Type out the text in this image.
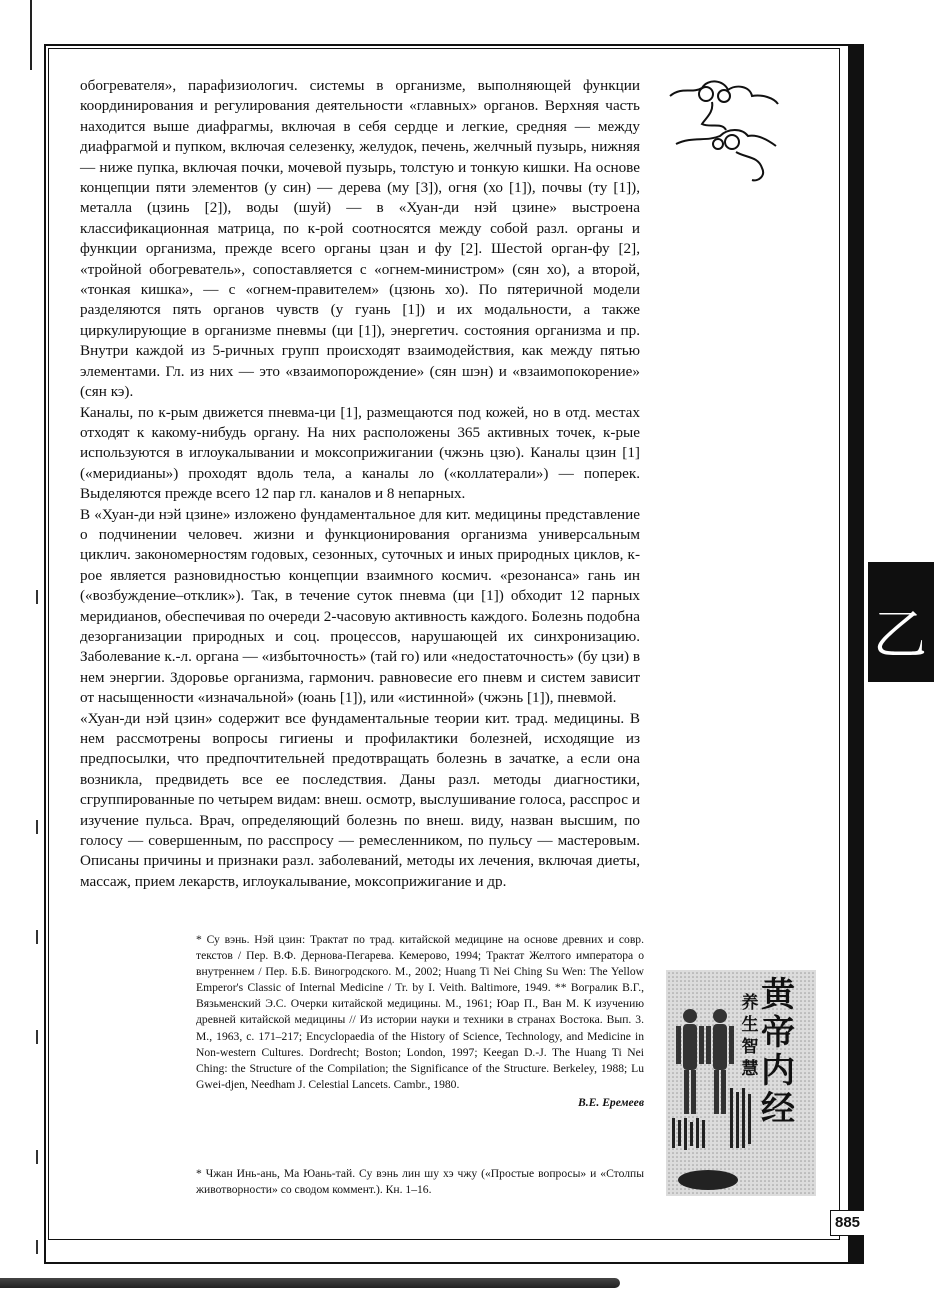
обогревателя», парафизиологич. системы в организме, выполняющей функции координирования и регулирования деятельности «главных» органов. Верхняя часть находится выше диафрагмы, включая в себя сердце и легкие, средняя — между диафрагмой и пупком, включая селезенку, желудок, печень, желчный пузырь, нижняя — ниже пупка, включая почки, мочевой пузырь, толстую и тонкую кишки. На основе концепции пяти элементов (у син) — дерева (му [3]), огня (хо [1]), почвы (ту [1]), металла (цзинь [2]), воды (шуй) — в «Хуан-ди нэй цзине» выстроена классификационная матрица, по к-рой соотносятся между собой разл. органы и функции организма, прежде всего органы цзан и фу [2]. Шестой орган-фу [2], «тройной обогреватель», сопоставляется с «огнем-министром» (сян хо), а второй, «тонкая кишка», — с «огнем-правителем» (цзюнь хо). По пятеричной модели разделяются пять органов чувств (у гуань [1]) и их модальности, а также циркулирующие в организме пневмы (ци [1]), энергетич. состояния организма и пр. Внутри каждой из 5-ричных групп происходят взаимодействия, как между пятью элементами. Гл. из них — это «взаимопорождение» (сян шэн) и «взаимопокорение» (сян кэ).

Каналы, по к-рым движется пневма-ци [1], размещаются под кожей, но в отд. местах отходят к какому-нибудь органу. На них расположены 365 активных точек, к-рые используются в иглоукалывании и моксоприжигании (чжэнь цзю). Каналы цзин [1] («меридианы») проходят вдоль тела, а каналы ло («коллатерали») — поперек. Выделяются прежде всего 12 пар гл. каналов и 8 непарных.

В «Хуан-ди нэй цзине» изложено фундаментальное для кит. медицины представление о подчинении человеч. жизни и функционирования организма универсальным циклич. закономерностям годовых, сезонных, суточных и иных природных циклов, к-рое является разновидностью концепции взаимного космич. «резонанса» гань ин («возбуждение–отклик»). Так, в течение суток пневма (ци [1]) обходит 12 парных меридианов, обеспечивая по очереди 2-часовую активность каждого. Болезнь подобна дезорганизации природных и соц. процессов, нарушающей их синхронизацию. Заболевание к.-л. органа — «избыточность» (тай го) или «недостаточность» (бу цзи) в нем энергии. Здоровье организма, гармонич. равновесие его пневм и систем зависит от насыщенности «изначальной» (юань [1]), или «истинной» (чжэнь [1]), пневмой.

«Хуан-ди нэй цзин» содержит все фундаментальные теории кит. трад. медицины. В нем рассмотрены вопросы гигиены и профилактики болезней, исходящие из предпосылки, что предпочтительней предотвращать болезнь в зачатке, а если она возникла, предвидеть все ее последствия. Даны разл. методы диагностики, сгруппированные по четырем видам: внеш. осмотр, выслушивание голоса, расспрос и изучение пульса. Врач, определяющий болезнь по внеш. виду, назван высшим, по голосу — совершенным, по расспросу — ремесленником, по пульсу — мастеровым. Описаны причины и признаки разл. заболеваний, методы их лечения, включая диеты, массаж, прием лекарств, иглоукалывание, моксоприжигание и др.

* Су вэнь. Нэй цзин: Трактат по трад. китайской медицине на основе древних и совр. текстов / Пер. В.Ф. Дернова-Пегарева. Кемерово, 1994; Трактат Желтого императора о внутреннем / Пер. Б.Б. Виногродского. М., 2002; Huang Ti Nei Ching Su Wen: The Yellow Emperor's Classic of Internal Medicine / Tr. by I. Veith. Baltimore, 1949. ** Вогралик В.Г., Вязьменский Э.С. Очерки китайской медицины. М., 1961; Юар П., Ван М. К изучению древней китайской медицины // Из истории науки и техники в странах Востока. Вып. 3. М., 1963, с. 171–217; Encyclopaedia of the History of Science, Technology, and Medicine in Non-western Cultures. Dordrecht; Boston; London, 1997; Keegan D.-J. The Huang Ti Nei Ching: the Structure of the Compilation; the Significance of the Structure. Berkeley, 1988; Lu Gwei-djen, Needham J. Celestial Lancets. Cambr., 1980.

В.Е. Еремеев
* Чжан Инь-ань, Ма Юань-тай. Су вэнь лин шу хэ чжу («Простые вопросы» и «Столпы животворности» со сводом коммент.). Кн. 1–16.
黄
帝
内
经
养
生
智
慧
乙
885
